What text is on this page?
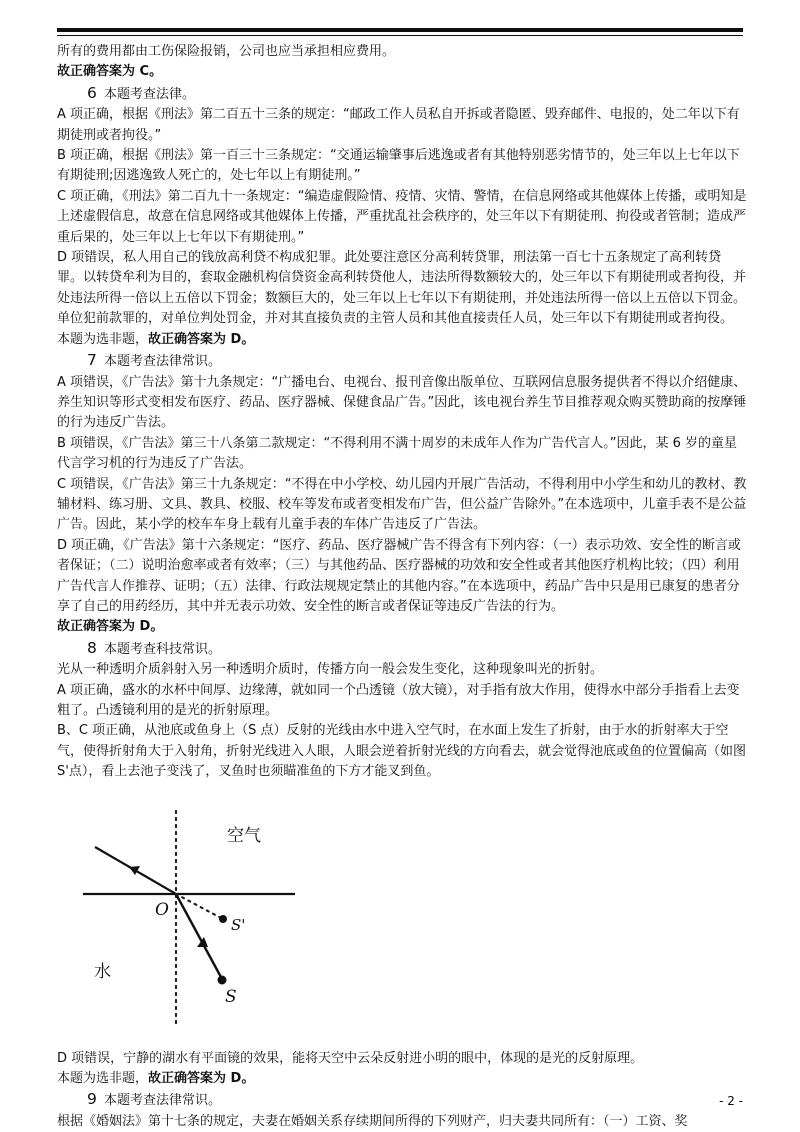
所有的费用都由工伤保险报销，公司也应当承担相应费用。

故正确答案为 C。

6 本题考查法律。

A 项正确，根据《刑法》第二百五十三条的规定：“邮政工作人员私自开拆或者隐匿、毁弃邮件、电报的，处二年以下有期徒刑或者拘役。”

B 项正确，根据《刑法》第一百三十三条规定：“交通运输肇事后逃逸或者有其他特别恶劣情节的，处三年以上七年以下有期徒刑;因逃逸致人死亡的，处七年以上有期徒刑。”

C 项正确，《刑法》第二百九十一条规定：“编造虚假险情、疫情、灾情、警情，在信息网络或其他媒体上传播，或明知是上述虚假信息，故意在信息网络或其他媒体上传播，严重扰乱社会秩序的，处三年以下有期徒刑、拘役或者管制；造成严重后果的，处三年以上七年以下有期徒刑。”

D 项错误，私人用自己的钱放高利贷不构成犯罪。此处要注意区分高利转贷罪，刑法第一百七十五条规定了高利转贷罪。以转贷牟利为目的，套取金融机构信贷资金高利转贷他人，违法所得数额较大的，处三年以下有期徒刑或者拘役，并处违法所得一倍以上五倍以下罚金；数额巨大的，处三年以上七年以下有期徒刑，并处违法所得一倍以上五倍以下罚金。  单位犯前款罪的，对单位判处罚金，并对其直接负责的主管人员和其他直接责任人员，处三年以下有期徒刑或者拘役。

本题为选非题，故正确答案为 D。

7 本题考查法律常识。

A 项错误，《广告法》第十九条规定：“广播电台、电视台、报刊音像出版单位、互联网信息服务提供者不得以介绍健康、养生知识等形式变相发布医疗、药品、医疗器械、保健食品广告。”因此，该电视台养生节目推荐观众购买赞助商的按摩锤的行为违反广告法。

B 项错误，《广告法》第三十八条第二款规定：“不得利用不满十周岁的未成年人作为广告代言人。”因此，某 6 岁的童星代言学习机的行为违反了广告法。

C 项错误，《广告法》第三十九条规定：“不得在中小学校、幼儿园内开展广告活动，不得利用中小学生和幼儿的教材、教辅材料、练习册、文具、教具、校服、校车等发布或者变相发布广告，但公益广告除外。”在本选项中，儿童手表不是公益广告。因此，某小学的校车车身上载有儿童手表的车体广告违反了广告法。

D 项正确，《广告法》第十六条规定：“医疗、药品、医疗器械广告不得含有下列内容：（一）表示功效、安全性的断言或者保证；（二）说明治愈率或者有效率；（三）与其他药品、医疗器械的功效和安全性或者其他医疗机构比较；（四）利用广告代言人作推荐、证明；（五）法律、行政法规规定禁止的其他内容。”在本选项中，药品广告中只是用已康复的患者分享了自己的用药经历，其中并无表示功效、安全性的断言或者保证等违反广告法的行为。

故正确答案为 D。

8 本题考查科技常识。

光从一种透明介质斜射入另一种透明介质时，传播方向一般会发生变化，这种现象叫光的折射。

A 项正确，盛水的水杯中间厚、边缘薄，就如同一个凸透镜（放大镜），对手指有放大作用，使得水中部分手指看上去变粗了。凸透镜利用的是光的折射原理。

B、C 项正确，从池底或鱼身上（S 点）反射的光线由水中进入空气时，在水面上发生了折射，由于水的折射率大于空气，使得折射角大于入射角，折射光线进入人眼，人眼会逆着折射光线的方向看去，就会觉得池底或鱼的位置偏高（如图 S'点），看上去池子变浅了，叉鱼时也须瞄准鱼的下方才能叉到鱼。

空气
水
O
S'
S

D 项错误，宁静的湖水有平面镜的效果，能将天空中云朵反射进小明的眼中，体现的是光的反射原理。

本题为选非题，故正确答案为 D。

9 本题考查法律常识。

根据《婚姻法》第十七条的规定，夫妻在婚姻关系存续期间所得的下列财产，归夫妻共同所有：（一）工资、奖

- 2 -
